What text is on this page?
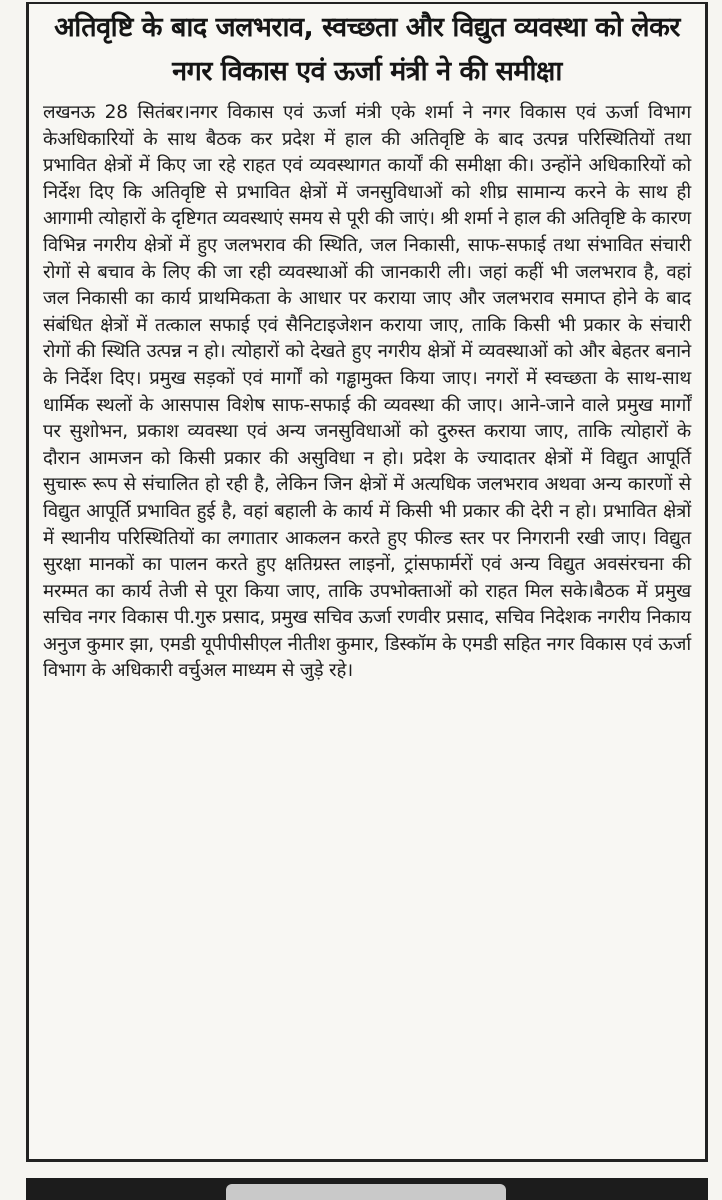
अतिवृष्टि के बाद जलभराव, स्वच्छता और विद्युत व्यवस्था को लेकर नगर विकास एवं ऊर्जा मंत्री ने की समीक्षा

लखनऊ 28 सितंबर।नगर विकास एवं ऊर्जा मंत्री एके शर्मा ने नगर विकास एवं ऊर्जा विभाग केअधिकारियों के साथ बैठक कर प्रदेश में हाल की अतिवृष्टि के बाद उत्पन्न परिस्थितियों तथा प्रभावित क्षेत्रों में किए जा रहे राहत एवं व्यवस्थागत कार्यों की समीक्षा की। उन्होंने अधिकारियों को निर्देश दिए कि अतिवृष्टि से प्रभावित क्षेत्रों में जनसुविधाओं को शीघ्र सामान्य करने के साथ ही आगामी त्योहारों के दृष्टिगत व्यवस्थाएं समय से पूरी की जाएं। श्री शर्मा ने हाल की अतिवृष्टि के कारण विभिन्न नगरीय क्षेत्रों में हुए जलभराव की स्थिति, जल निकासी, साफ-सफाई तथा संभावित संचारी रोगों से बचाव के लिए की जा रही व्यवस्थाओं की जानकारी ली। जहां कहीं भी जलभराव है, वहां जल निकासी का कार्य प्राथमिकता के आधार पर कराया जाए और जलभराव समाप्त होने के बाद संबंधित क्षेत्रों में तत्काल सफाई एवं सैनिटाइजेशन कराया जाए, ताकि किसी भी प्रकार के संचारी रोगों की स्थिति उत्पन्न न हो। त्योहारों को देखते हुए नगरीय क्षेत्रों में व्यवस्थाओं को और बेहतर बनाने के निर्देश दिए। प्रमुख सड़कों एवं मार्गों को गड्ढामुक्त किया जाए। नगरों में स्वच्छता के साथ-साथ धार्मिक स्थलों के आसपास विशेष साफ-सफाई की व्यवस्था की जाए। आने-जाने वाले प्रमुख मार्गों पर सुशोभन, प्रकाश व्यवस्था एवं अन्य जनसुविधाओं को दुरुस्त कराया जाए, ताकि त्योहारों के दौरान आमजन को किसी प्रकार की असुविधा न हो। प्रदेश के ज्यादातर क्षेत्रों में विद्युत आपूर्ति सुचारू रूप से संचालित हो रही है, लेकिन जिन क्षेत्रों में अत्यधिक जलभराव अथवा अन्य कारणों से विद्युत आपूर्ति प्रभावित हुई है, वहां बहाली के कार्य में किसी भी प्रकार की देरी न हो। प्रभावित क्षेत्रों में स्थानीय परिस्थितियों का लगातार आकलन करते हुए फील्ड स्तर पर निगरानी रखी जाए। विद्युत सुरक्षा मानकों का पालन करते हुए क्षतिग्रस्त लाइनों, ट्रांसफार्मरों एवं अन्य विद्युत अवसंरचना की मरम्मत का कार्य तेजी से पूरा किया जाए, ताकि उपभोक्ताओं को राहत मिल सके।बैठक में प्रमुख सचिव नगर विकास पी.गुरु प्रसाद, प्रमुख सचिव ऊर्जा रणवीर प्रसाद, सचिव निदेशक नगरीय निकाय अनुज कुमार झा, एमडी यूपीपीसीएल नीतीश कुमार, डिस्कॉम के एमडी सहित नगर विकास एवं ऊर्जा विभाग के अधिकारी वर्चुअल माध्यम से जुड़े रहे।
